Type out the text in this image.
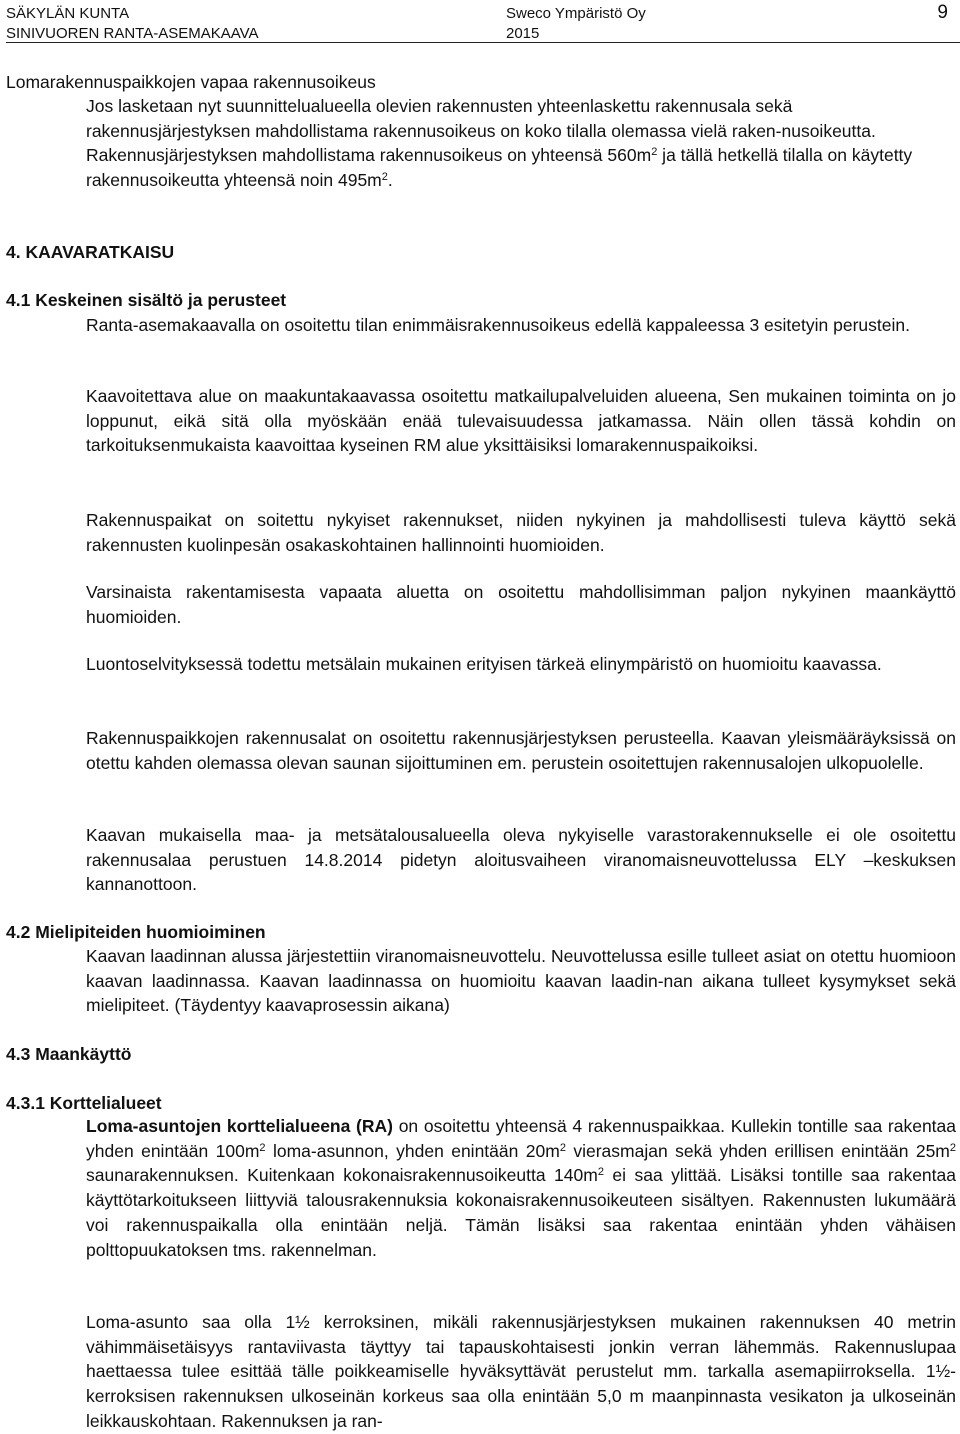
SÄKYLÄN KUNTA
SINIVUOREN RANTA-ASEMAKAAVA
Sweco Ympäristö Oy
2015
9

Lomarakennuspaikkojen vapaa rakennusoikeus

Jos lasketaan nyt suunnittelualueella olevien rakennusten yhteenlaskettu rakennusala sekä rakennusjärjestyksen mahdollistama rakennusoikeus on koko tilalla olemassa vielä raken-nusoikeutta. Rakennusjärjestyksen mahdollistama rakennusoikeus on yhteensä $560m^2$ ja tällä hetkellä tilalla on käytetty rakennusoikeutta yhteensä noin $495m^2$.

4. KAAVARATKAISU
4.1 Keskeinen sisältö ja perusteet

Ranta-asemakaavalla on osoitettu tilan enimmäisrakennusoikeus edellä kappaleessa 3 esitetyin perustein.

Kaavoitettava alue on maakuntakaavassa osoitettu matkailupalveluiden alueena, Sen mukainen toiminta on jo loppunut, eikä sitä olla myöskään enää tulevaisuudessa jatkamassa. Näin ollen tässä kohdin on tarkoituksenmukaista kaavoittaa kyseinen RM alue yksittäisiksi lomarakennuspaikoiksi.

Rakennuspaikat on soitettu nykyiset rakennukset, niiden nykyinen ja mahdollisesti tuleva käyttö sekä rakennusten kuolinpesän osakaskohtainen hallinnointi huomioiden.

Varsinaista rakentamisesta vapaata aluetta on osoitettu mahdollisimman paljon nykyinen maankäyttö huomioiden.

Luontoselvityksessä todettu metsälain mukainen erityisen tärkeä elinympäristö on huomioitu kaavassa.

Rakennuspaikkojen rakennusalat on osoitettu rakennusjärjestyksen perusteella. Kaavan yleismääräyksissä on otettu kahden olemassa olevan saunan sijoittuminen em. perustein osoitettujen rakennusalojen ulkopuolelle.

Kaavan mukaisella maa- ja metsätalousalueella oleva nykyiselle varastorakennukselle ei ole osoitettu rakennusalaa perustuen 14.8.2014 pidetyn aloitusvaiheen viranomaisneuvottelussa ELY –keskuksen kannanottoon.

4.2 Mielipiteiden huomioiminen

Kaavan laadinnan alussa järjestettiin viranomaisneuvottelu. Neuvottelussa esille tulleet asiat on otettu huomioon kaavan laadinnassa. Kaavan laadinnassa on huomioitu kaavan laadin-nan aikana tulleet kysymykset sekä mielipiteet. (Täydentyy kaavaprosessin aikana)

4.3 Maankäyttö
4.3.1 Korttelialueet

Loma-asuntojen korttelialueena (RA) on osoitettu yhteensä 4 rakennuspaikkaa. Kullekin tontille saa rakentaa yhden enintään $100m^2$ loma-asunnon, yhden enintään $20m^2$ vierasmajan sekä yhden erillisen enintään $25m^2$ saunarakennuksen. Kuitenkaan kokonaisrakennusoikeutta $140m^2$ ei saa ylittää. Lisäksi tontille saa rakentaa käyttötarkoitukseen liittyviä talousrakennuksia kokonaisrakennusoikeuteen sisältyen. Rakennusten lukumäärä voi rakennuspaikalla olla enintään neljä. Tämän lisäksi saa rakentaa enintään yhden vähäisen polttopuukatoksen tms. rakennelman.

Loma-asunto saa olla 1½ kerroksinen, mikäli rakennusjärjestyksen mukainen rakennuksen 40 metrin vähimmäisetäisyys rantaviivasta täyttyy tai tapauskohtaisesti jonkin verran lähemmäs. Rakennuslupaa haettaessa tulee esittää tälle poikkeamiselle hyväksyttävät perustelut mm. tarkalla asemapiirroksella. 1½-kerroksisen rakennuksen ulkoseinän korkeus saa olla enintään 5,0 m maanpinnasta vesikaton ja ulkoseinän leikkauskohtaan. Rakennuksen ja ran-
